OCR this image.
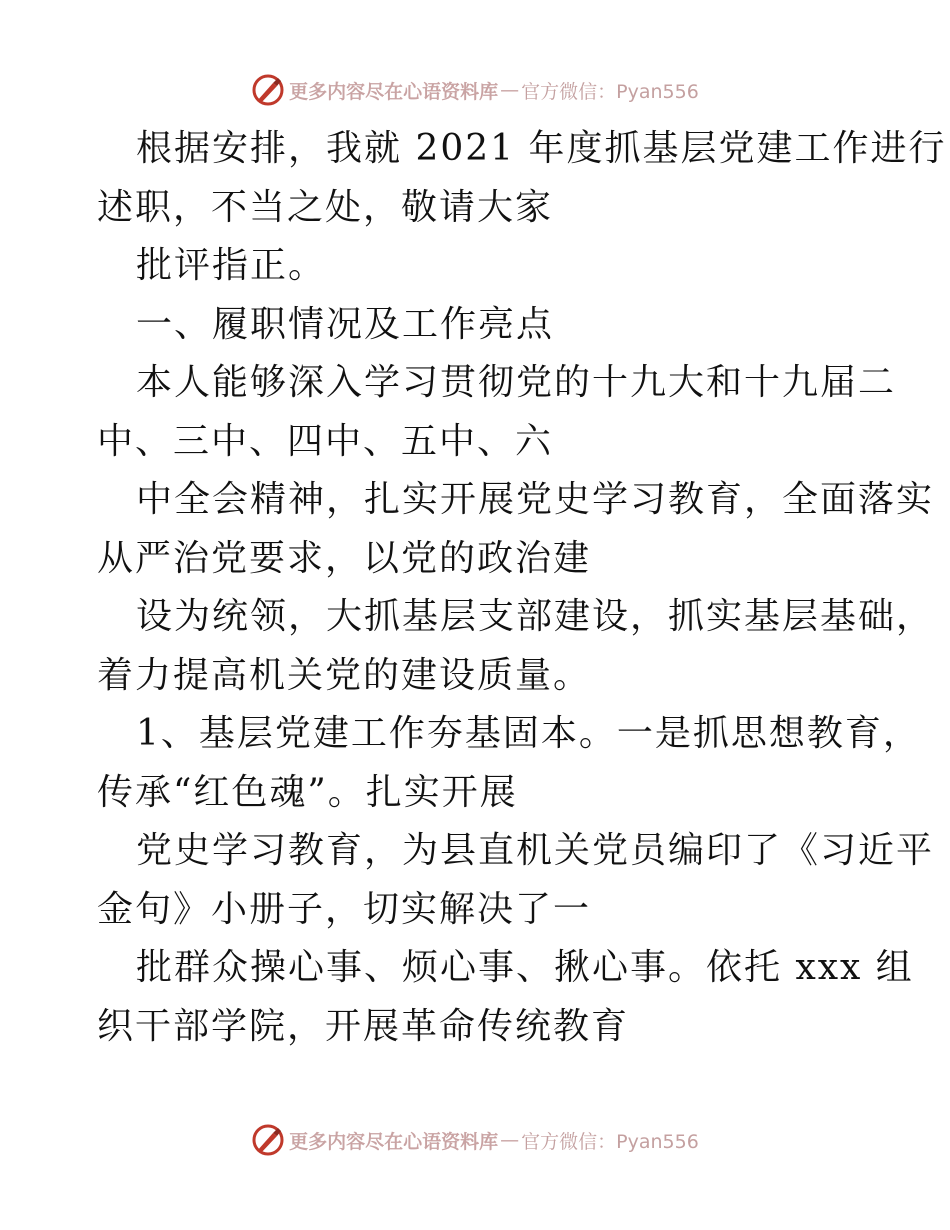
更多内容尽在心语资料库 — 官方微信：Pyan556
根据安排，我就 2021 年度抓基层党建工作进行
述职，不当之处，敬请大家
批评指正。
一、履职情况及工作亮点
本人能够深入学习贯彻党的十九大和十九届二
中、三中、四中、五中、六
中全会精神，扎实开展党史学习教育，全面落实
从严治党要求，以党的政治建
设为统领，大抓基层支部建设，抓实基层基础，
着力提高机关党的建设质量。
1、基层党建工作夯基固本。一是抓思想教育，
传承“红色魂”。扎实开展
党史学习教育，为县直机关党员编印了《习近平
金句》小册子，切实解决了一
批群众操心事、烦心事、揪心事。依托 xxx 组
织干部学院，开展革命传统教育
更多内容尽在心语资料库 — 官方微信：Pyan556
